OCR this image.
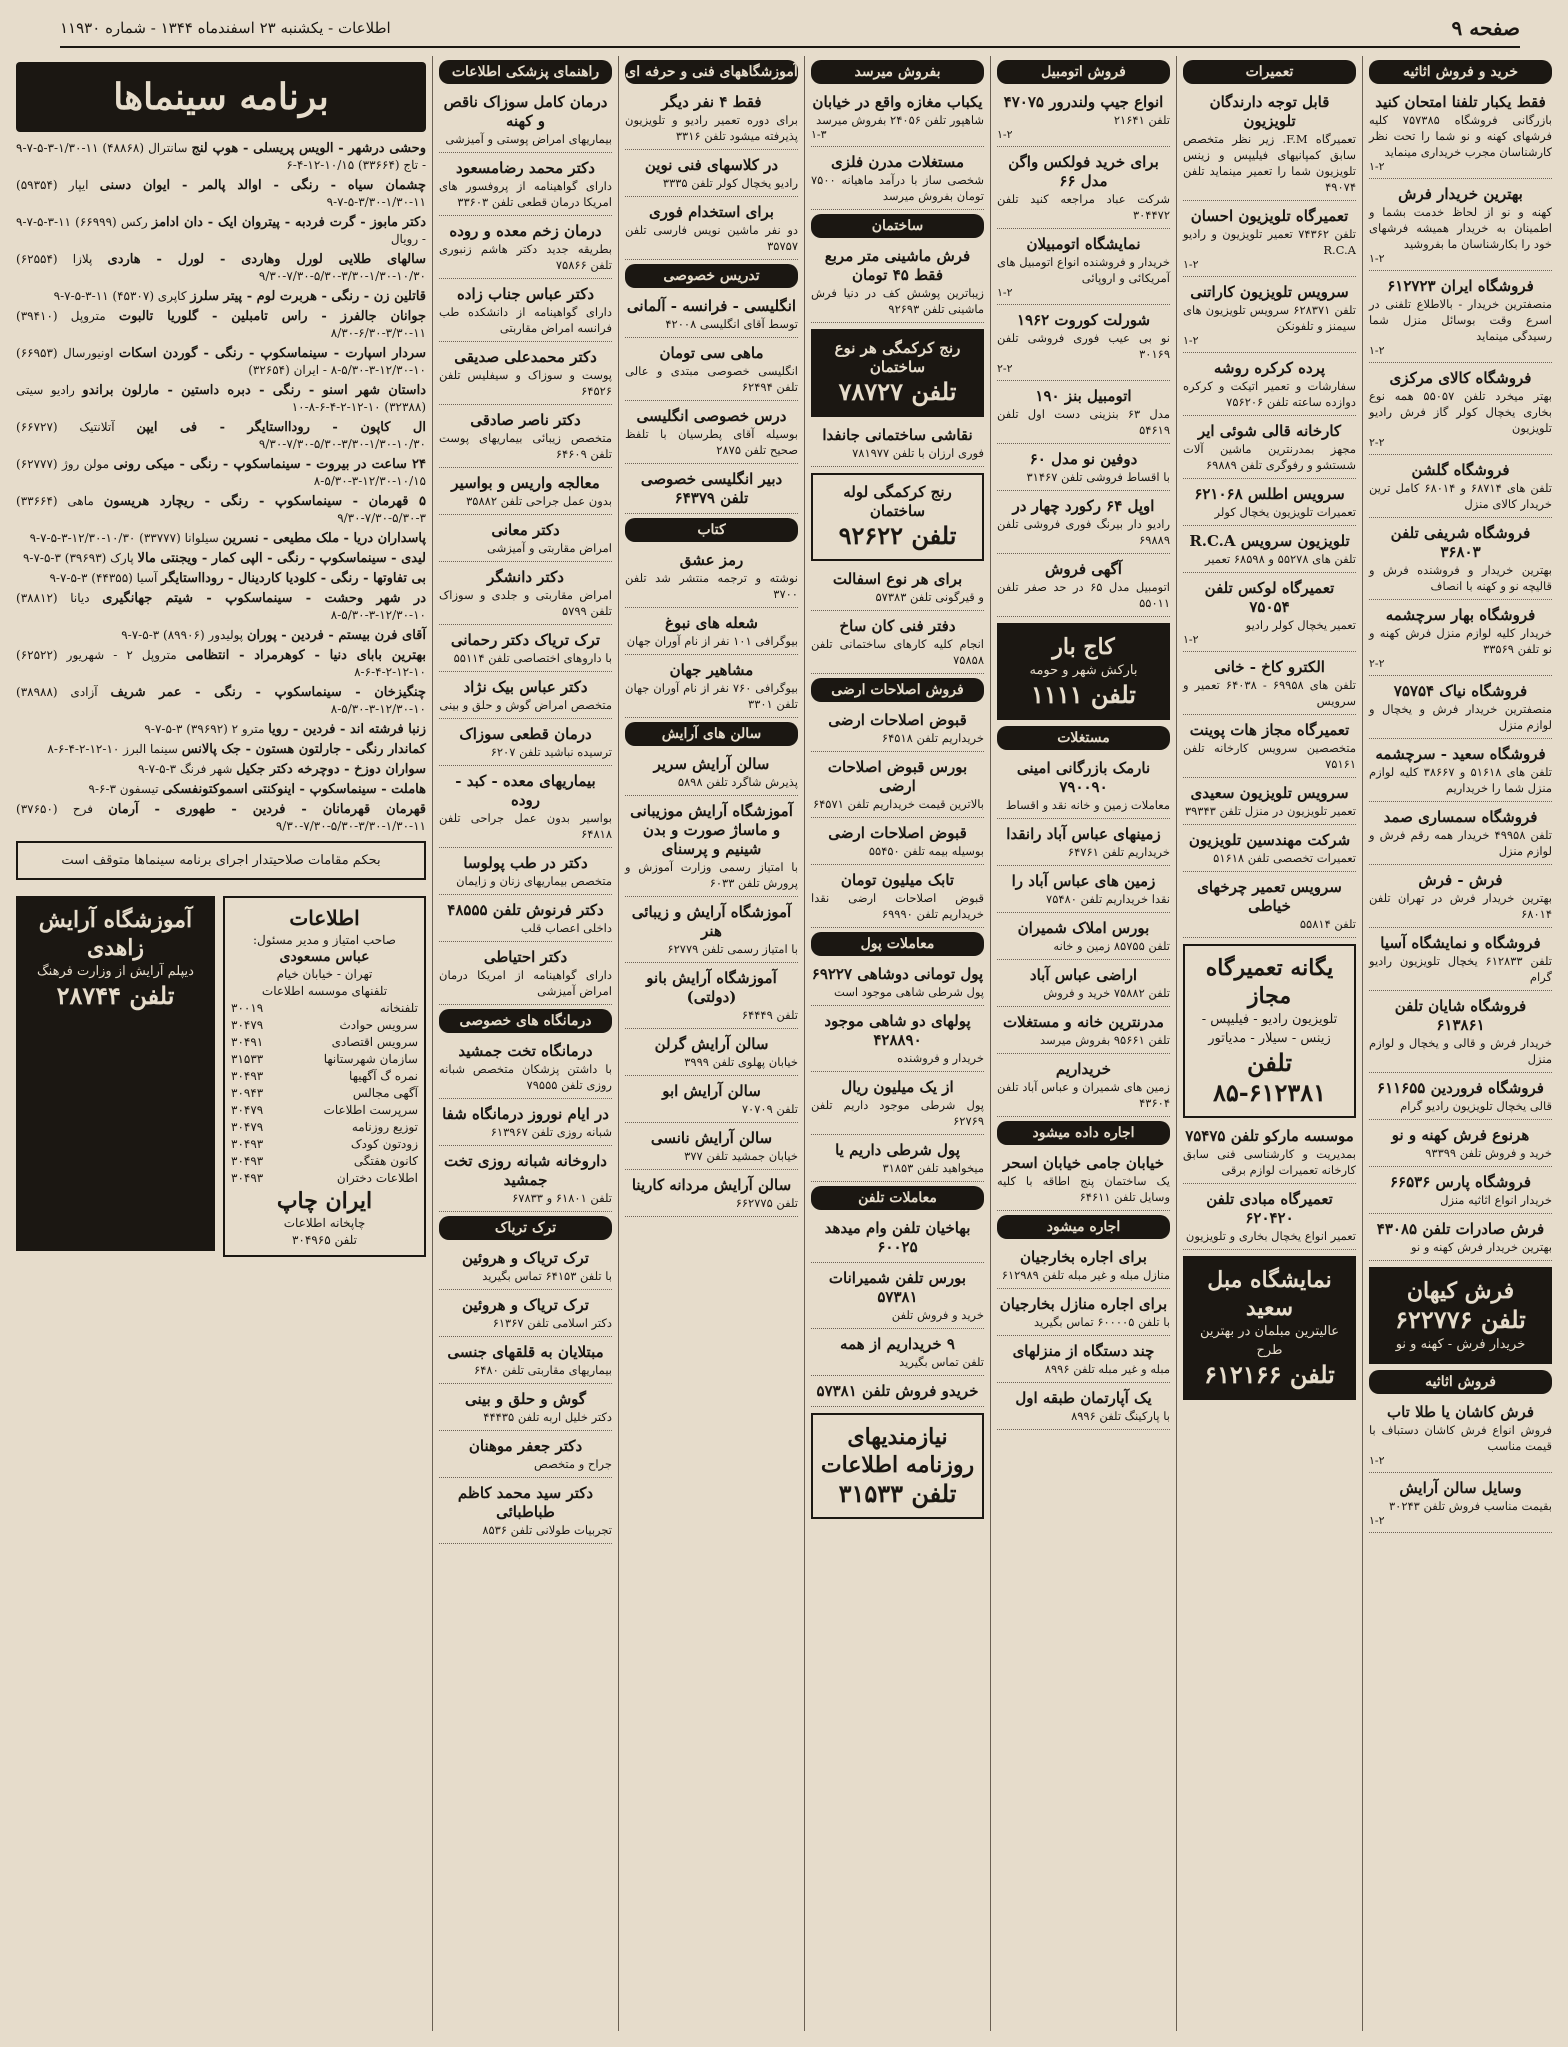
صفحه ۹
اطلاعات - یکشنبه ۲۳ اسفندماه ۱۳۴۴ - شماره ۱۱۹۳۰
خرید و فروش اثاثیه
فقط یکبار تلفنا امتحان کنید
بازرگانی فروشگاه ۷۵۷۳۸۵ کلیه فرشهای کهنه و نو شما را تحت نظر کارشناسان مجرب خریداری مینماید
۱-۲
بهترین خریدار فرش
کهنه و نو از لحاظ خدمت بشما و اطمینان به خریدار همیشه فرشهای خود را بکارشناسان ما بفروشید
۱-۲
فروشگاه ایران ۶۱۲۷۲۳
منصفترین خریدار - بالاطلاع تلفنی در اسرع وقت بوسائل منزل شما رسیدگی مینماید
۱-۲
فروشگاه کالای مرکزی
بهتر میخرد تلفن ۵۵۰۵۷ همه نوع بخاری یخچال کولر گاز فرش رادیو تلویزیون
۲-۲
فروشگاه گلشن
تلفن های ۶۸۷۱۴ و ۶۸۰۱۴ کامل ترین خریدار کالای منزل
فروشگاه شریفی تلفن ۳۶۸۰۳
بهترین خریدار و فروشنده فرش و قالیچه نو و کهنه با انصاف
فروشگاه بهار سرچشمه
خریدار کلیه لوازم منزل فرش کهنه و نو تلفن ۳۳۵۶۹
۲-۲
فروشگاه نیاک ۷۵۷۵۴
منصفترین خریدار فرش و یخچال و لوازم منزل
فروشگاه سعید - سرچشمه
تلفن های ۵۱۶۱۸ و ۳۸۶۶۷ کلیه لوازم منزل شما را خریداریم
فروشگاه سمساری صمد
تلفن ۴۹۹۵۸ خریدار همه رقم فرش و لوازم منزل
فرش - فرش
بهترین خریدار فرش در تهران تلفن ۶۸۰۱۴
فروشگاه و نمایشگاه آسیا
تلفن ۶۱۲۸۳۳ یخچال تلویزیون رادیو گرام
فروشگاه شایان تلفن ۶۱۳۸۶۱
خریدار فرش و قالی و یخچال و لوازم منزل
فروشگاه فروردین ۶۱۱۶۵۵
قالی یخچال تلویزیون رادیو گرام
هرنوع فرش کهنه و نو
خرید و فروش تلفن ۹۳۳۹۹
فروشگاه پارس ۶۶۵۳۶
خریدار انواع اثاثیه منزل
فرش صادرات تلفن ۴۳۰۸۵
بهترین خریدار فرش کهنه و نو
فرش کیهان
تلفن ۶۲۲۷۷۶
خریدار فرش - کهنه و نو
فروش اثاثیه
فرش کاشان یا طلا تاب
فروش انواع فرش کاشان دستباف با قیمت مناسب
۱-۲
وسایل سالن آرایش
بقیمت مناسب فروش تلفن ۳۰۲۴۳
۱-۲
تعمیرات
قابل توجه دارندگان تلویزیون
تعمیرگاه F.M. زیر نظر متخصص سابق کمپانیهای فیلیپس و زینس تلویزیون شما را تعمیر مینماید تلفن ۴۹۰۷۴
تعمیرگاه تلویزیون احسان
تلفن ۷۴۳۶۲ تعمیر تلویزیون و رادیو R.C.A
۱-۲
سرویس تلویزیون کاراتنی
تلفن ۶۲۸۳۷۱ سرویس تلویزیون های سیمنز و تلفونکن
۱-۲
پرده کرکره روشه
سفارشات و تعمیر اتیکت و کرکره دوازده ساعته تلفن ۷۵۶۲۰۶
کارخانه قالی شوئی ایر
مجهز بمدرنترین ماشین آلات شستشو و رفوگری تلفن ۶۹۸۸۹
سرویس اطلس ۶۲۱۰۶۸
تعمیرات تلویزیون یخچال کولر
تلویزیون سرویس R.C.A
تلفن های ۵۵۲۷۸ و ۶۸۵۹۸ تعمیر
تعمیرگاه لوکس تلفن ۷۵۰۵۴
تعمیر یخچال کولر رادیو
۱-۲
الکترو کاخ - خانی
تلفن های ۶۹۹۵۸ - ۶۴۰۳۸ تعمیر و سرویس
تعمیرگاه مجاز هات پوینت
متخصصین سرویس کارخانه تلفن ۷۵۱۶۱
سرویس تلویزیون سعیدی
تعمیر تلویزیون در منزل تلفن ۳۹۳۴۳
شرکت مهندسین تلویزیون
تعمیرات تخصصی تلفن ۵۱۶۱۸
سرویس تعمیر چرخهای خیاطی
تلفن ۵۵۸۱۴
یگانه تعمیرگاه مجاز
تلویزیون رادیو - فیلیپس - زینس - سیلار - مدیاتور
تلفن ۶۱۲۳۸۱-۸۵
موسسه مارکو تلفن ۷۵۴۷۵
بمدیریت و کارشناسی فنی سابق کارخانه تعمیرات لوازم برقی
تعمیرگاه مبادی تلفن ۶۲۰۴۲۰
تعمیر انواع یخچال بخاری و تلویزیون
نمایشگاه مبل سعید
عالیترین مبلمان در بهترین طرح
تلفن ۶۱۲۱۶۶
فروش اتومبیل
انواع جیپ ولندرور ۴۷۰۷۵
تلفن ۲۱۶۴۱
۱-۲
برای خرید فولکس واگن مدل ۶۶
شرکت عباد مراجعه کنید تلفن ۳۰۴۴۷۲
نمایشگاه اتومبیلان
خریدار و فروشنده انواع اتومبیل های آمریکائی و اروپائی
۱-۲
شورلت کوروت ۱۹۶۲
نو بی عیب فوری فروشی تلفن ۳۰۱۶۹
۲-۲
اتومبیل بنز ۱۹۰
مدل ۶۳ بنزینی دست اول تلفن ۵۴۶۱۹
دوفین نو مدل ۶۰
با اقساط فروشی تلفن ۳۱۴۶۷
اوپل ۶۴ رکورد چهار در
رادیو دار بیرنگ فوری فروشی تلفن ۶۹۸۸۹
آگهی فروش
اتومبیل مدل ۶۵ در حد صفر تلفن ۵۵۰۱۱
کاج بار
بارکش شهر و حومه
تلفن ۱۱۱۱
مستغلات
نارمک بازرگانی امینی ۷۹۰۰۹۰
معاملات زمین و خانه نقد و اقساط
زمینهای عباس آباد رانقدا
خریداریم تلفن ۶۴۷۶۱
زمین های عباس آباد را
نقدا خریداریم تلفن ۷۵۴۸۰
بورس املاک شمیران
تلفن ۸۵۷۵۵ زمین و خانه
اراضی عباس آباد
تلفن ۷۵۸۸۲ خرید و فروش
مدرنترین خانه و مستغلات
تلفن ۹۵۶۶۱ بفروش میرسد
خریداریم
زمین های شمیران و عباس آباد تلفن ۴۳۶۰۴
اجاره داده میشود
خیابان جامی خیابان اسحر
یک ساختمان پنج اطاقه با کلیه وسایل تلفن ۶۴۶۱۱
اجاره میشود
برای اجاره بخارجیان
منازل مبله و غیر مبله تلفن ۶۱۲۹۸۹
برای اجاره منازل بخارجیان
با تلفن ۶۰۰۰۰۵ تماس بگیرید
چند دستگاه از منزلهای
مبله و غیر مبله تلفن ۸۹۹۶
یک آپارتمان طبقه اول
با پارکینگ تلفن ۸۹۹۶
بفروش میرسد
یکباب مغازه واقع در خیابان
شاهپور تلفن ۲۴۰۵۶ بفروش میرسد
۱-۳
مستغلات مدرن فلزی
شخصی ساز با درآمد ماهیانه ۷۵۰۰ تومان بفروش میرسد
ساختمان
فرش ماشینی متر مربع فقط ۴۵ تومان
زیباترین پوشش کف در دنیا فرش ماشینی تلفن ۹۲۶۹۳
رنج کرکمگی هر نوع ساختمان
تلفن ۷۸۷۲۷
نقاشی ساختمانی جانفدا
فوری ارزان با تلفن ۷۸۱۹۷۷
رنج کرکمگی لوله ساختمان
تلفن ۹۲۶۲۲
برای هر نوع اسفالت
و قیرگونی تلفن ۵۷۳۸۳
دفتر فنی کان ساخ
انجام کلیه کارهای ساختمانی تلفن ۷۵۸۵۸
فروش اصلاحات ارضی
قبوض اصلاحات ارضی
خریداریم تلفن ۶۴۵۱۸
بورس قبوض اصلاحات ارضی
بالاترین قیمت خریداریم تلفن ۶۴۵۷۱
قبوض اصلاحات ارضی
بوسیله بیمه تلفن ۵۵۴۵۰
تابک میلیون تومان
قبوض اصلاحات ارضی نقدا خریداریم تلفن ۶۹۹۹۰
معاملات پول
پول تومانی دوشاهی ۶۹۲۲۷
پول شرطی شاهی موجود است
پولهای دو شاهی موجود ۴۲۸۸۹۰
خریدار و فروشنده
از یک میلیون ریال
پول شرطی موجود داریم تلفن ۶۲۷۶۹
پول شرطی داریم یا
میخواهید تلفن ۳۱۸۵۳
معاملات تلفن
بهاخیان تلفن وام میدهد ۶۰۰۲۵
بورس تلفن شمیرانات ۵۷۳۸۱
خرید و فروش تلفن
۹ خریداریم از همه
تلفن تماس بگیرید
خریدو فروش تلفن ۵۷۳۸۱
نیازمندیهای روزنامه اطلاعات
تلفن ۳۱۵۳۳
آموزشگاههای فنی و حرفه ای
فقط ۴ نفر دیگر
برای دوره تعمیر رادیو و تلویزیون پذیرفته میشود تلفن ۳۳۱۶
در کلاسهای فنی نوین
رادیو یخچال کولر تلفن ۳۳۳۵
برای استخدام فوری
دو نفر ماشین نویس فارسی تلفن ۳۵۷۵۷
تدریس خصوصی
انگلیسی - فرانسه - آلمانی
توسط آقای انگلیسی ۴۲۰۰۸
ماهی سی تومان
انگلیسی خصوصی مبتدی و عالی تلفن ۶۲۴۹۴
درس خصوصی انگلیسی
بوسیله آقای پطرسیان با تلفظ صحیح تلفن ۲۸۷۵
دبیر انگلیسی خصوصی تلفن ۶۴۳۷۹
کتاب
رمز عشق
نوشته و ترجمه منتشر شد تلفن ۳۷۰۰
شعله های نبوغ
بیوگرافی ۱۰۱ نفر از نام آوران جهان
مشاهیر جهان
بیوگرافی ۷۶۰ نفر از نام آوران جهان تلفن ۳۳۰۱
سالن های آرایش
سالن آرایش سریر
پذیرش شاگرد تلفن ۵۸۹۸
آموزشگاه آرایش موزیبانی و ماساژ صورت و بدن شینیم و پرسنای
با امتیاز رسمی وزارت آموزش و پرورش تلفن ۶۰۳۳
آموزشگاه آرایش و زیبائی هنر
با امتیاز رسمی تلفن ۶۲۷۷۹
آموزشگاه آرایش بانو (دولتی)
تلفن ۶۴۴۴۹
سالن آرایش گرلن
خیابان پهلوی تلفن ۳۹۹۹
سالن آرایش ابو
تلفن ۷۰۷۰۹
سالن آرایش نانسی
خیابان جمشید تلفن ۳۷۷
سالن آرایش مردانه کارینا
تلفن ۶۶۲۷۷۵
راهنمای پزشکی اطلاعات
درمان کامل سوزاک ناقص و کهنه
بیماریهای امراض پوستی و آمیزشی
دکتر محمد رضامسعود
دارای گواهینامه از پروفسور های امریکا درمان قطعی تلفن ۳۳۶۰۳
درمان زخم معده و روده
بطریقه جدید دکتر هاشم زنبوری تلفن ۷۵۸۶۶
دکتر عباس جناب زاده
دارای گواهینامه از دانشکده طب فرانسه امراض مقاربتی
دکتر محمدعلی صدیقی
پوست و سوزاک و سیفلیس تلفن ۶۴۵۲۶
دکتر ناصر صادقی
متخصص زیبائی بیماریهای پوست تلفن ۶۴۶۰۹
معالجه واریس و بواسیر
بدون عمل جراحی تلفن ۳۵۸۸۲
دکتر معانی
امراض مقاربتی و آمیزشی
دکتر دانشگر
امراض مقاربتی و جلدی و سوزاک تلفن ۵۷۹۹
ترک تریاک دکتر رحمانی
با داروهای اختصاصی تلفن ۵۵۱۱۴
دکتر عباس بیک نژاد
متخصص امراض گوش و حلق و بینی
درمان قطعی سوزاک
ترسیده نباشید تلفن ۶۲۰۷
بیماریهای معده - کبد - روده
بواسیر بدون عمل جراحی تلفن ۶۴۸۱۸
دکتر در طب پولوسا
متخصص بیماریهای زنان و زایمان
دکتر فرنوش تلفن ۴۸۵۵۵
داخلی اعصاب قلب
دکتر احتیاطی
دارای گواهینامه از امریکا درمان امراض آمیزشی
درمانگاه های خصوصی
درمانگاه تخت جمشید
با داشتن پزشکان متخصص شبانه روزی تلفن ۷۹۵۵۵
در ایام نوروز درمانگاه شفا
شبانه روزی تلفن ۶۱۳۹۶۷
داروخانه شبانه روزی تخت جمشید
تلفن ۶۱۸۰۱ و ۶۷۸۳۳
ترک تریاک
ترک تریاک و هروئین
با تلفن ۶۴۱۵۳ تماس بگیرید
ترک تریاک و هروئین
دکتر اسلامی تلفن ۶۱۳۶۷
مبتلایان به قلقهای جنسی
بیماریهای مقاربتی تلفن ۶۴۸۰
گوش و حلق و بینی
دکتر خلیل اربه تلفن ۴۴۴۳۵
دکتر جعفر موهنان
جراح و متخصص
دکتر سید محمد کاظم طباطبائی
تجربیات طولانی تلفن ۸۵۳۶
برنامه سینماها
وحشی درشهر - الویس پریسلی - هوپ لنج سانترال (۴۸۸۶۸) ۱۱-۱/۳۰-۳-۵-۷-۹ - تاج (۳۳۶۶۴) ۱۰/۱۵-۱۲-۴-۶
چشمان سیاه - رنگی - اوالد پالمر - ایوان دسنی ایپار (۵۹۳۵۴) ۱۱-۱/۳۰-۳/۳۰-۵-۷-۹
دکتر مابوز - گرت فردبه - پیتروان ایک - دان ادامز رکس (۶۶۹۹۹) ۱۱-۳-۵-۷-۹ - رویال
سالهای طلایی لورل وهاردی - لورل - هاردی پلازا (۶۲۵۵۴) ۱۰/۳۰-۱/۳۰-۳/۳۰-۵/۳۰-۷/۳۰-۹/۳۰
قاتلین زن - رنگی - هربرت لوم - پیتر سلرز کاپری (۴۵۳۰۷) ۱۱-۳-۵-۷-۹
جوانان جالفرز - راس تامبلین - گلوریا تالبوت متروپل (۳۹۴۱۰) ۱۱-۳/۳۰-۶/۳۰-۸/۳۰
سردار اسپارت - سینماسکوپ - رنگی - گوردن اسکات اونیورسال (۶۶۹۵۳) ۱۰-۱۲/۳۰-۳-۵/۳۰-۸ - ایران (۳۲۶۵۴)
داستان شهر اسنو - رنگی - دبره داستین - مارلون براندو رادیو سیتی (۳۲۳۸۸) ۱۰-۱۲-۲-۴-۶-۸-۱۰
ال کاپون - رودااستایگر - فی ایپن آتلانتیک (۶۶۷۲۷) ۱۰/۳۰-۱/۳۰-۳/۳۰-۵/۳۰-۷/۳۰-۹/۳۰
۲۴ ساعت در بیروت - سینماسکوپ - رنگی - میکی رونی مولن روژ (۶۲۷۷۷) ۱۰/۱۵-۱۲/۳۰-۳-۵/۳۰-۸
۵ قهرمان - سینماسکوپ - رنگی - ریچارد هریسون ماهی (۳۳۶۶۴) ۳-۵/۳۰-۷/۳۰-۹/۳۰
پاسداران دریا - ملک مطیعی - نسرین سیلوانا (۳۳۷۷۷) ۱۰/۳۰-۱۲/۳۰-۳-۵-۷-۹
لیدی - سینماسکوپ - رنگی - الپی کمار - ویجنتی مالا پارک (۳۹۶۹۳) ۳-۵-۷-۹
بی تفاوتها - رنگی - کلودیا کاردینال - رودااستایگر آسیا (۴۴۳۵۵) ۳-۵-۷-۹
در شهر وحشت - سینماسکوپ - شیتم جهانگیری دیانا (۳۸۸۱۲) ۱۰-۱۲/۳۰-۳-۵/۳۰-۸
آقای فرن بیستم - فردین - پوران پولیدور (۸۹۹۰۶) ۳-۵-۷-۹
بهترین بابای دنیا - کوهرمراد - انتظامی متروپل ۲ - شهریور (۶۲۵۲۲) ۱۰-۱۲-۲-۴-۶-۸
چنگیزخان - سینماسکوپ - رنگی - عمر شریف آزادی (۳۸۹۸۸) ۱۰-۱۲/۳۰-۳-۵/۳۰-۸
زنبا فرشته اند - فردین - رویا مترو ۲ (۳۹۶۹۲) ۳-۵-۷-۹
کماندار رنگی - جارلتون هستون - جک پالانس سینما البرز ۱۰-۱۲-۲-۴-۶-۸
سواران دوزخ - دوچرخه دکتر جکیل شهر فرنگ ۳-۵-۷-۹
هاملت - سینماسکوپ - اینوکنتی اسموکتونفسکی تیسفون ۳-۶-۹
قهرمان قهرمانان - فردین - طهوری - آرمان فرح (۳۷۶۵۰) ۱۱-۱/۳۰-۳/۳۰-۵/۳۰-۷/۳۰-۹/۳۰
بحکم مقامات صلاحیتدار اجرای برنامه سینماها متوقف است
اطلاعات
صاحب امتیاز و مدیر مسئول:
عباس مسعودی
تهران - خیابان خیام
تلفنهای موسسه اطلاعات
تلفنخانه
۳۰۰۱۹
سرویس حوادث
۳۰۴۷۹
سرویس اقتصادی
۳۰۴۹۱
سازمان شهرستانها
۳۱۵۳۳
نمره گ آگهیها
۳۰۴۹۳
آگهی مجالس
۳۰۹۴۳
سرپرست اطلاعات
۳۰۴۷۹
توزیع روزنامه
۳۰۴۷۹
زودتون کودک
۳۰۴۹۳
کانون هفتگی
۳۰۴۹۳
اطلاعات دختران
۳۰۴۹۳
ایران چاپ
چاپخانه اطلاعات
تلفن ۳۰۴۹۶۵
آموزشگاه آرایش زاهدی
دیپلم آرایش از وزارت فرهنگ
تلفن ۲۸۷۴۴
